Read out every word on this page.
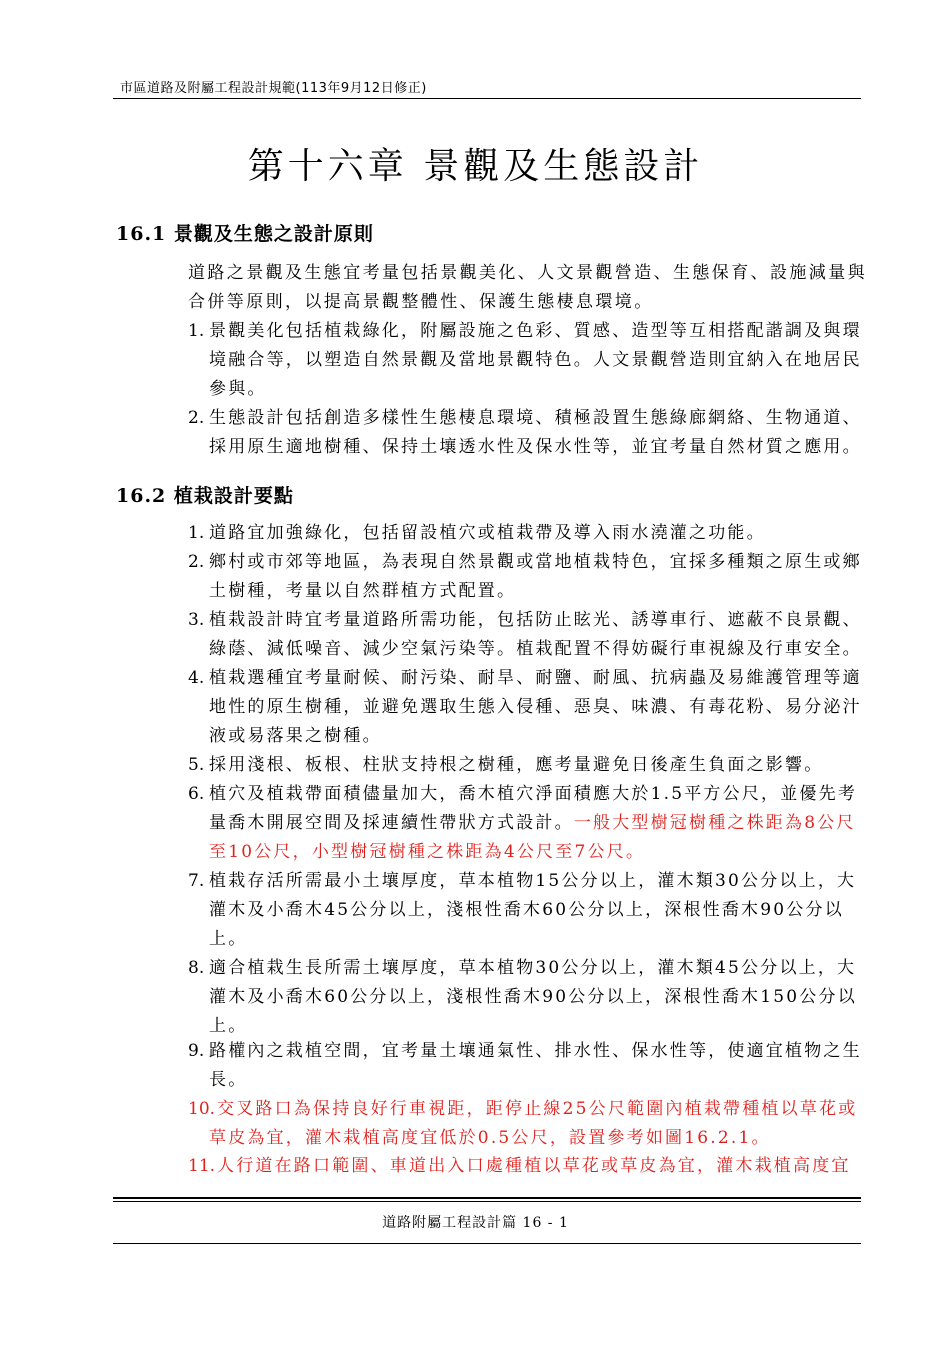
市區道路及附屬工程設計規範(113年9月12日修正)
第十六章 景觀及生態設計
16.1 景觀及生態之設計原則

道路之景觀及生態宜考量包括景觀美化、人文景觀營造、生態保育、設施減量與

合併等原則，以提高景觀整體性、保護生態棲息環境。

1. 景觀美化包括植栽綠化，附屬設施之色彩、質感、造型等互相搭配諧調及與環
境融合等，以塑造自然景觀及當地景觀特色。人文景觀營造則宜納入在地居民
參與。
2. 生態設計包括創造多樣性生態棲息環境、積極設置生態綠廊網絡、生物通道、
採用原生適地樹種、保持土壤透水性及保水性等，並宜考量自然材質之應用。
16.2 植栽設計要點
1. 道路宜加強綠化，包括留設植穴或植栽帶及導入雨水澆灌之功能。
2. 鄉村或市郊等地區，為表現自然景觀或當地植栽特色，宜採多種類之原生或鄉
土樹種，考量以自然群植方式配置。
3. 植栽設計時宜考量道路所需功能，包括防止眩光、誘導車行、遮蔽不良景觀、
綠蔭、減低噪音、減少空氣污染等。植栽配置不得妨礙行車視線及行車安全。
4. 植栽選種宜考量耐候、耐污染、耐旱、耐鹽、耐風、抗病蟲及易維護管理等適
地性的原生樹種，並避免選取生態入侵種、惡臭、味濃、有毒花粉、易分泌汁
液或易落果之樹種。
5. 採用淺根、板根、柱狀支持根之樹種，應考量避免日後產生負面之影響。
6. 植穴及植栽帶面積儘量加大，喬木植穴淨面積應大於1.5平方公尺，並優先考
量喬木開展空間及採連續性帶狀方式設計。一般大型樹冠樹種之株距為8公尺
至10公尺，小型樹冠樹種之株距為4公尺至7公尺。
7. 植栽存活所需最小土壤厚度，草本植物15公分以上，灌木類30公分以上，大
灌木及小喬木45公分以上，淺根性喬木60公分以上，深根性喬木90公分以
上。
8. 適合植栽生長所需土壤厚度，草本植物30公分以上，灌木類45公分以上，大
灌木及小喬木60公分以上，淺根性喬木90公分以上，深根性喬木150公分以
上。
9. 路權內之栽植空間，宜考量土壤通氣性、排水性、保水性等，使適宜植物之生
長。
10. 交叉路口為保持良好行車視距，距停止線25公尺範圍內植栽帶種植以草花或
草皮為宜，灌木栽植高度宜低於0.5公尺，設置參考如圖16.2.1。
11. 人行道在路口範圍、車道出入口處種植以草花或草皮為宜，灌木栽植高度宜
道路附屬工程設計篇 16 - 1
